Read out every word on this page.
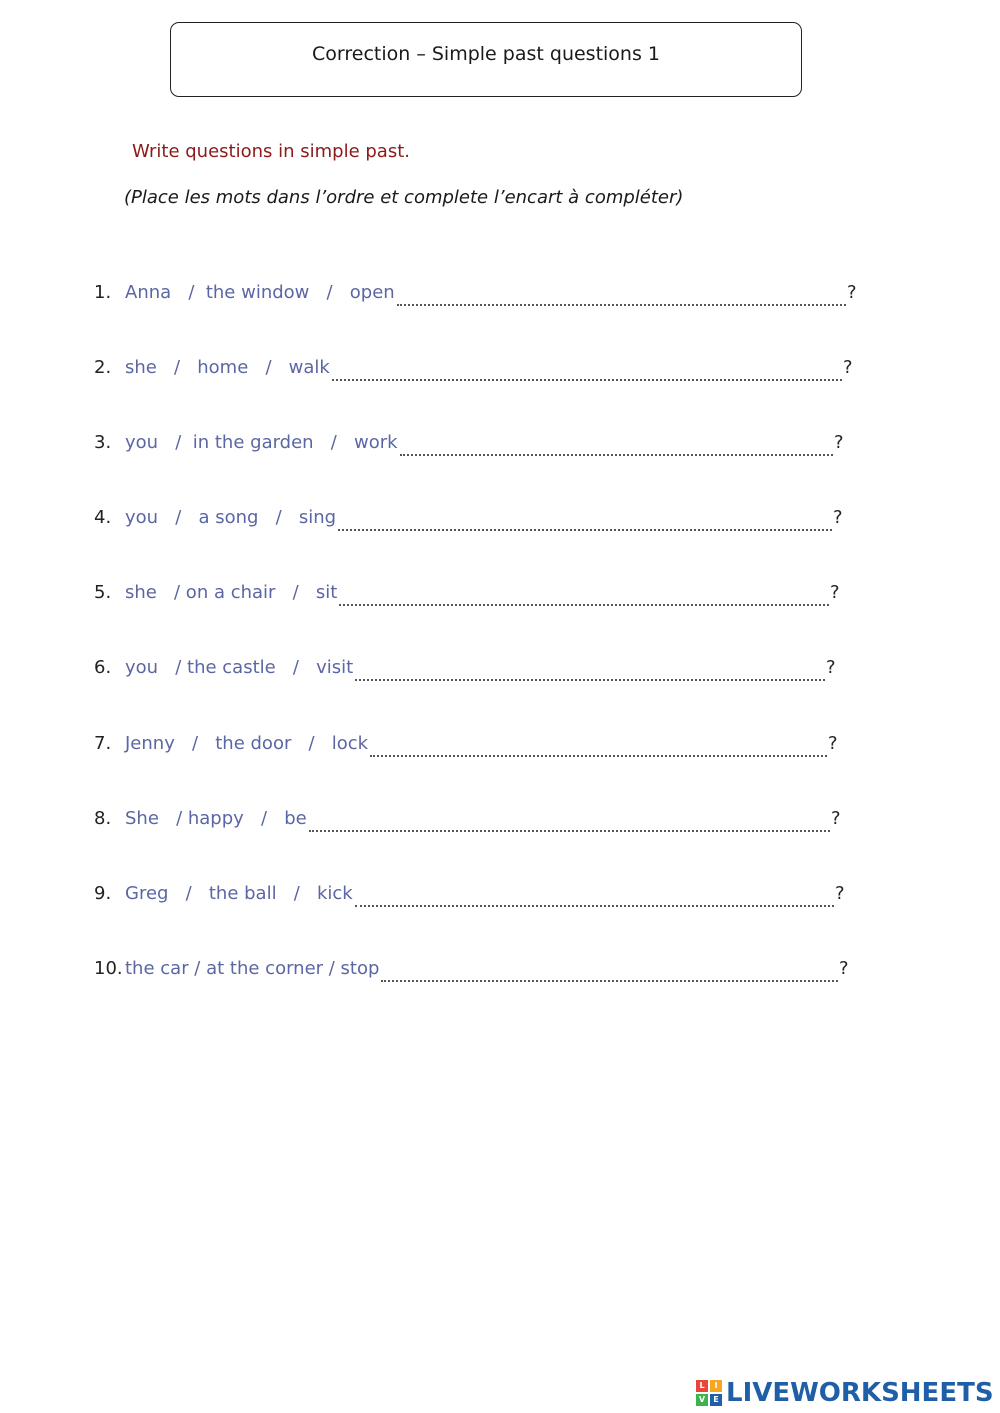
Correction – Simple past questions 1
Write questions in simple past.
(Place les mots dans l’ordre et complete l’encart à compléter)
1. Anna   /  the window   /   open	?
2. she   /   home   /   walk	?
3. you   /  in the garden   /   work	?
4. you   /   a song   /   sing	?
5. she   / on a chair   /   sit	?
6. you   / the castle   /   visit	?
7. Jenny   /   the door   /   lock	?
8. She   / happy   /   be	?
9. Greg   /   the ball   /   kick	?
10. the car / at the corner / stop	?
L	I
V	E LIVEWORKSHEETS
